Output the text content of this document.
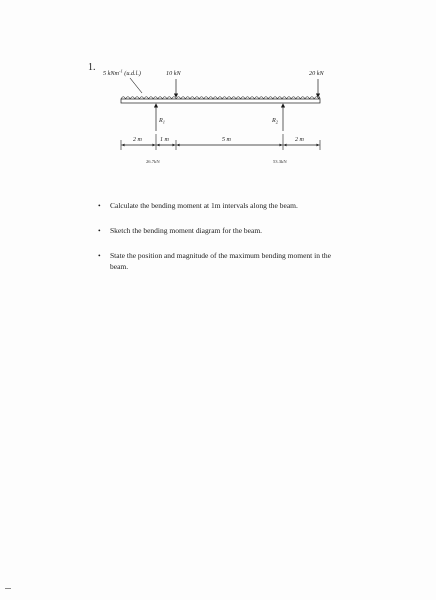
1.
5 kNm$^{-1}$ (u.d.l.)	10 kN	20 kN
$R_1$	$R_2$
2 m	1 m	5 m	2 m
26.7kN	53.3kN
• Calculate the bending moment at 1m intervals along the beam.
• Sketch the bending moment diagram for the beam.
• State the position and magnitude of the maximum bending moment in the beam.
